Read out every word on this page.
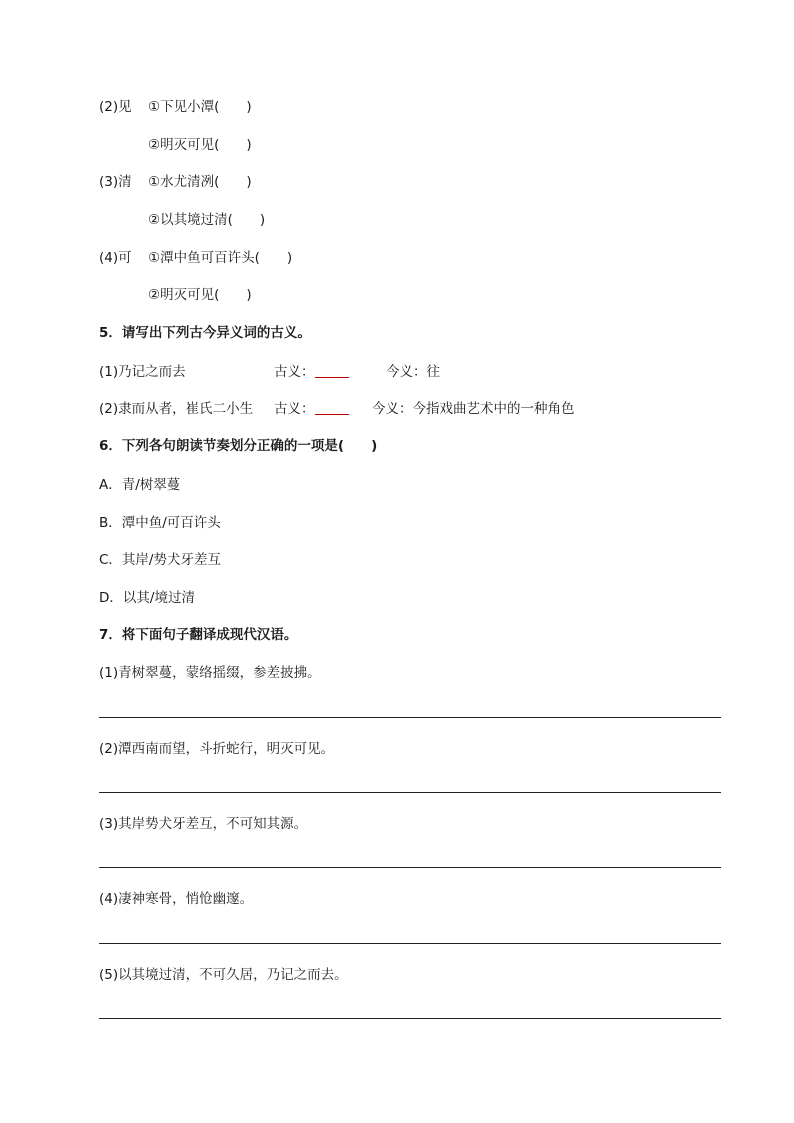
(2)见 ①下见小潭(　　)
②明灭可见(　　)
(3)清 ①水尤清冽(　　)
②以其境过清(　　)
(4)可 ①潭中鱼可百许头(　　)
②明灭可见(　　)
5．请写出下列古今异义词的古义。
(1)乃记之而去	古义：	今义：往
(2)隶而从者，崔氏二小生 古义：	今义：今指戏曲艺术中的一种角色
6．下列各句朗读节奏划分正确的一项是(　　)
A．青/树翠蔓
B．潭中鱼/可百许头
C．其岸/势犬牙差互
D．以其/境过清
7．将下面句子翻译成现代汉语。
(1)青树翠蔓，蒙络摇缀，参差披拂。
(2)潭西南而望，斗折蛇行，明灭可见。
(3)其岸势犬牙差互，不可知其源。
(4)凄神寒骨，悄怆幽邃。
(5)以其境过清，不可久居，乃记之而去。
